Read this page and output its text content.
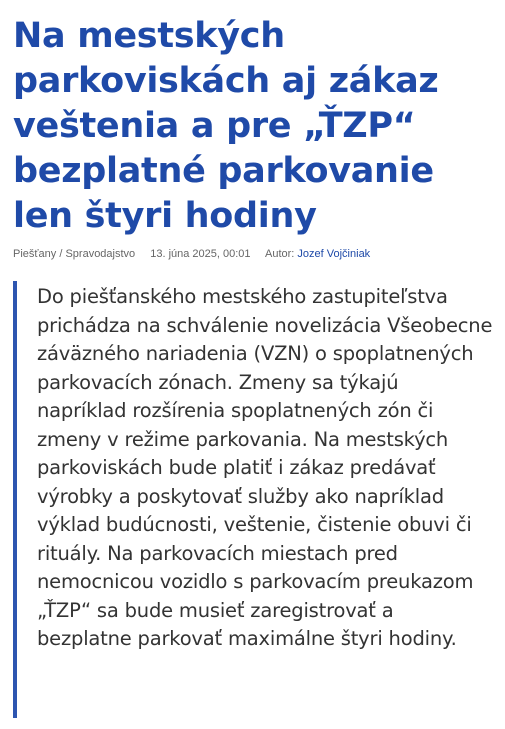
Na mestských parkoviskách aj zákaz veštenia a pre „ŤZP“ bezplatné parkovanie len štyri hodiny
Piešťany / Spravodajstvo 13. júna 2025, 00:01 Autor: Jozef Vojčiniak

Do piešťanského mestského zastupiteľstva prichádza na schválenie novelizácia Všeobecne záväzného nariadenia (VZN) o spoplatnených parkovacích zónach. Zmeny sa týkajú napríklad rozšírenia spoplatnených zón či zmeny v režime parkovania. Na mestských parkoviskách bude platiť i zákaz predávať výrobky a poskytovať služby ako napríklad výklad budúcnosti, veštenie, čistenie obuvi či rituály. Na parkovacích miestach pred nemocnicou vozidlo s parkovacím preukazom „ŤZP“ sa bude musieť zaregistrovať a bezplatne parkovať maximálne štyri hodiny.
